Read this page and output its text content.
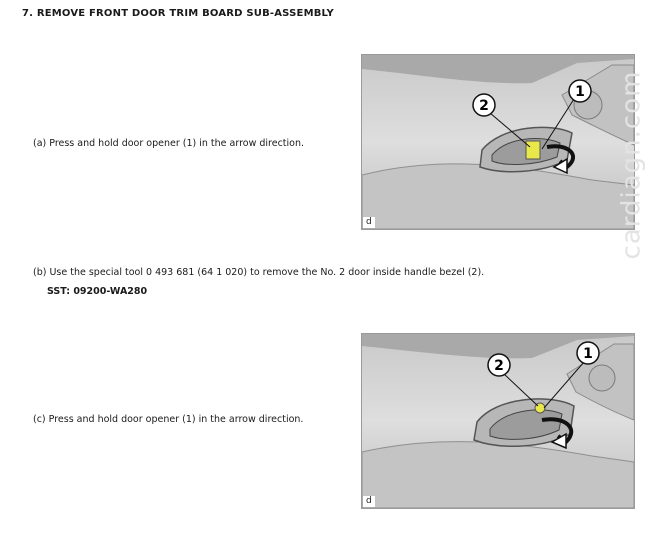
7. REMOVE FRONT DOOR TRIM BOARD SUB-ASSEMBLY
(a) Press and hold door opener (1) in the arrow direction.
2
1
d
(b) Use the special tool 0 493 681 (64 1 020) to remove the No. 2 door inside handle bezel (2).
SST: 09200-WA280
(c) Press and hold door opener (1) in the arrow direction.
2
1
d
cardiagn.com
